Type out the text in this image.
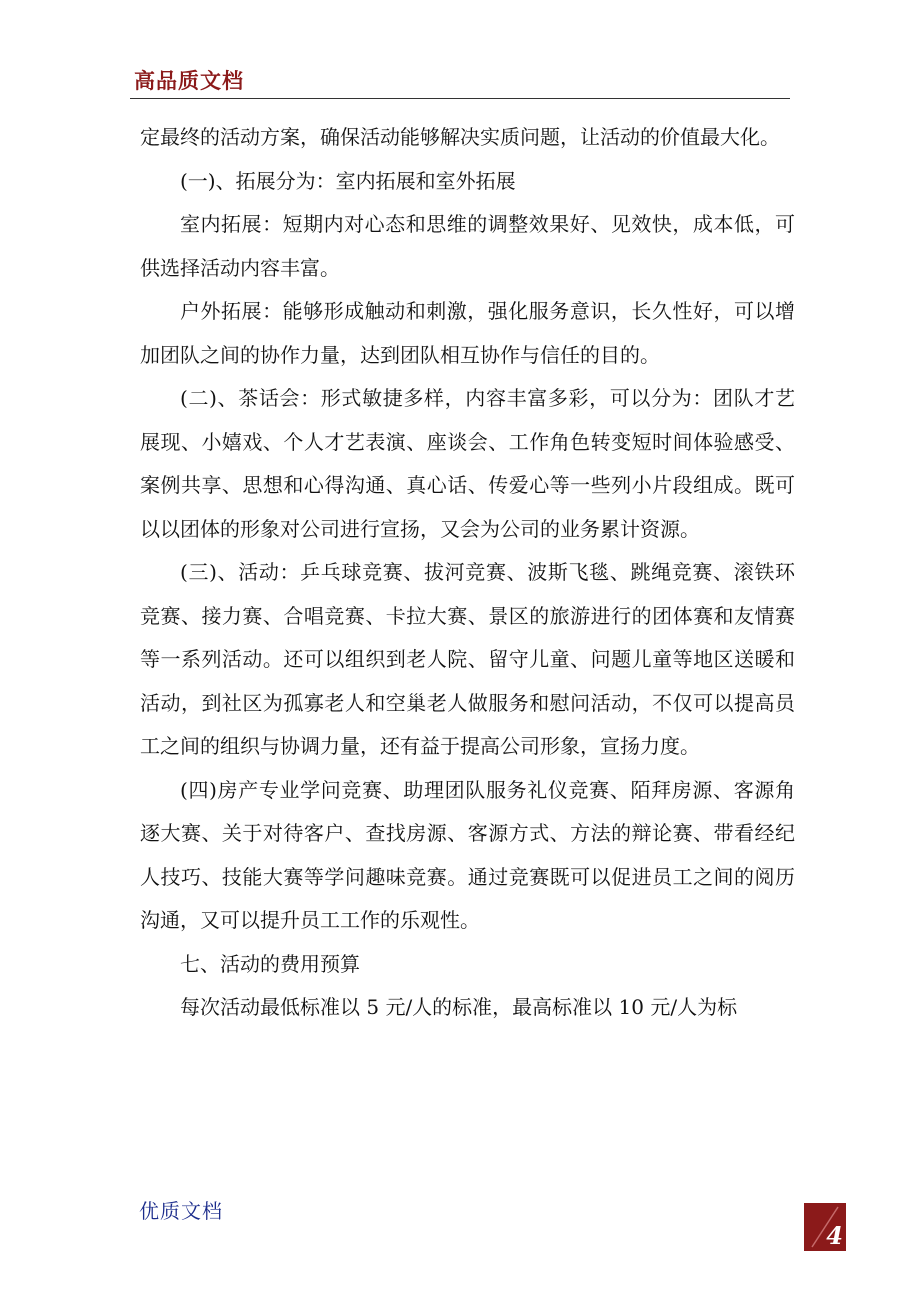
高品质文档

定最终的活动方案，确保活动能够解决实质问题，让活动的价值最大化。

(一)、拓展分为：室内拓展和室外拓展

室内拓展：短期内对心态和思维的调整效果好、见效快，成本低，可供选择活动内容丰富。

户外拓展：能够形成触动和刺激，强化服务意识，长久性好，可以增加团队之间的协作力量，达到团队相互协作与信任的目的。

(二)、茶话会：形式敏捷多样，内容丰富多彩，可以分为：团队才艺展现、小嬉戏、个人才艺表演、座谈会、工作角色转变短时间体验感受、案例共享、思想和心得沟通、真心话、传爱心等一些列小片段组成。既可以以团体的形象对公司进行宣扬，又会为公司的业务累计资源。

(三)、活动：乒乓球竞赛、拔河竞赛、波斯飞毯、跳绳竞赛、滚铁环竞赛、接力赛、合唱竞赛、卡拉大赛、景区的旅游进行的团体赛和友情赛等一系列活动。还可以组织到老人院、留守儿童、问题儿童等地区送暖和活动，到社区为孤寡老人和空巢老人做服务和慰问活动，不仅可以提高员工之间的组织与协调力量，还有益于提高公司形象，宣扬力度。

(四)房产专业学问竞赛、助理团队服务礼仪竞赛、陌拜房源、客源角逐大赛、关于对待客户、查找房源、客源方式、方法的辩论赛、带看经纪人技巧、技能大赛等学问趣味竞赛。通过竞赛既可以促进员工之间的阅历沟通，又可以提升员工工作的乐观性。

七、活动的费用预算

每次活动最低标准以 5 元/人的标准，最高标准以 10 元/人为标

优质文档
4
